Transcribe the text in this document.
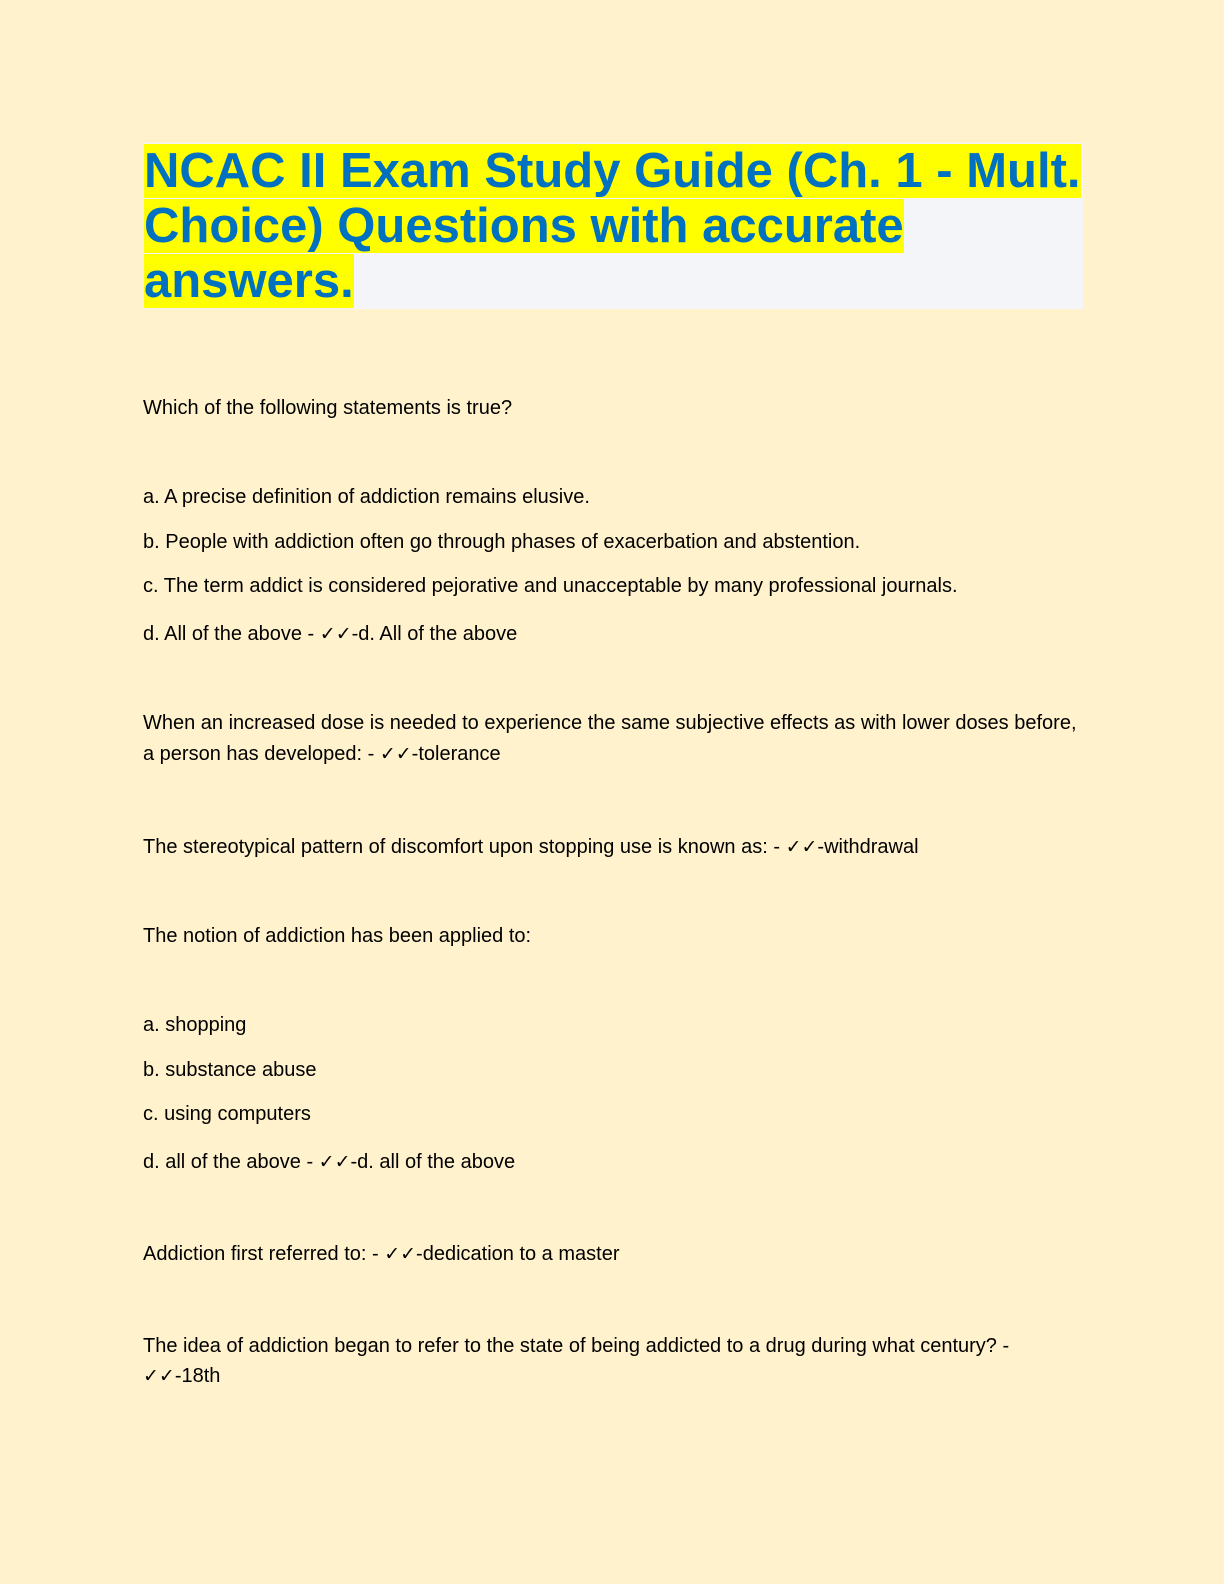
NCAC II Exam Study Guide (Ch. 1 - Mult. Choice) Questions with accurate answers.
Which of the following statements is true?
a. A precise definition of addiction remains elusive.
b. People with addiction often go through phases of exacerbation and abstention.
c. The term addict is considered pejorative and unacceptable by many professional journals.
d. All of the above - ✓✓-d. All of the above
When an increased dose is needed to experience the same subjective effects as with lower doses before, a person has developed: - ✓✓-tolerance
The stereotypical pattern of discomfort upon stopping use is known as: - ✓✓-withdrawal
The notion of addiction has been applied to:
a. shopping
b. substance abuse
c. using computers
d. all of the above - ✓✓-d. all of the above
Addiction first referred to: - ✓✓-dedication to a master
The idea of addiction began to refer to the state of being addicted to a drug during what century? - ✓✓-18th
